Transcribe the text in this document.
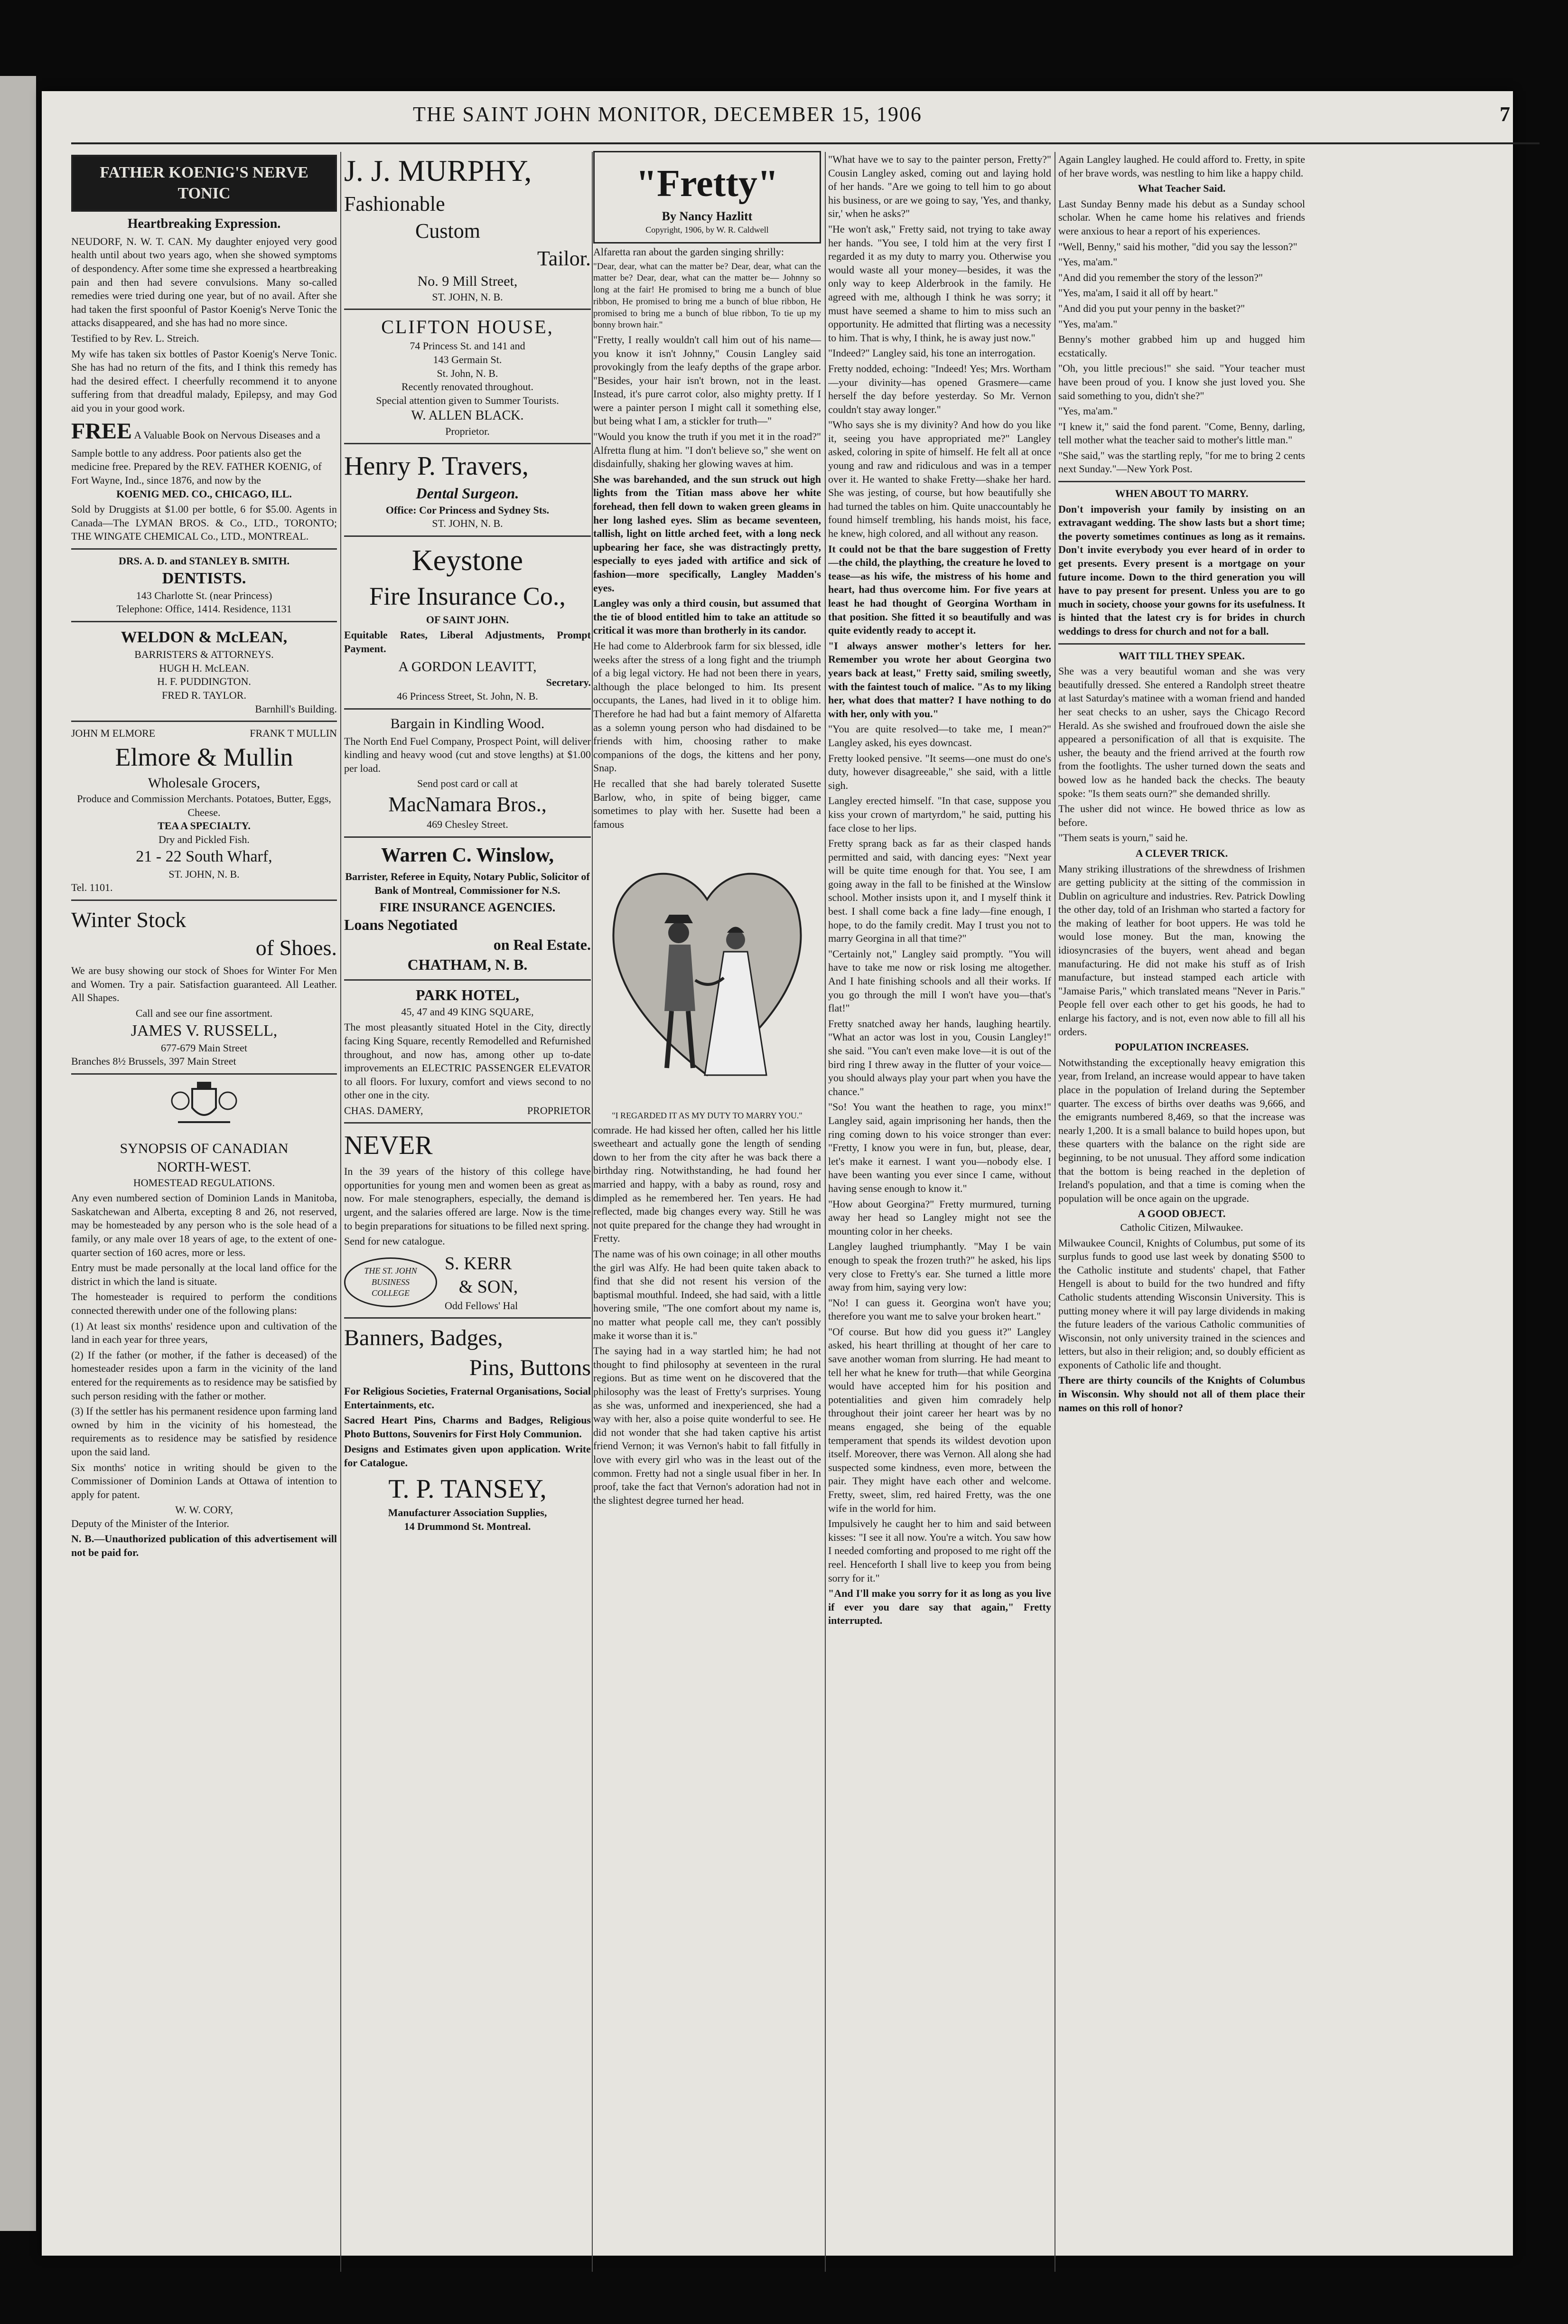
THE SAINT JOHN MONITOR, DECEMBER 15, 1906	7
FATHER KOENIG'S NERVE TONIC
Heartbreaking Expression.

NEUDORF, N. W. T. CAN. My daughter enjoyed very good health until about two years ago, when she showed symptoms of despondency. After some time she expressed a heartbreaking pain and then had severe convulsions. Many so-called remedies were tried during one year, but of no avail. After she had taken the first spoonful of Pastor Koenig's Nerve Tonic the attacks disappeared, and she has had no more since.

Testified to by Rev. L. Streich.

My wife has taken six bottles of Pastor Koenig's Nerve Tonic. She has had no return of the fits, and I think this remedy has had the desired effect. I cheerfully recommend it to anyone suffering from that dreadful malady, Epilepsy, and may God aid you in your good work.

FREE A Valuable Book on Nervous Diseases and a Sample bottle to any address. Poor patients also get the medicine free. Prepared by the REV. FATHER KOENIG, of Fort Wayne, Ind., since 1876, and now by the
KOENIG MED. CO., CHICAGO, ILL.

Sold by Druggists at $1.00 per bottle, 6 for $5.00. Agents in Canada—The LYMAN BROS. & Co., LTD., TORONTO; THE WINGATE CHEMICAL Co., LTD., MONTREAL.

DRS. A. D. and STANLEY B. SMITH.
DENTISTS.
143 Charlotte St. (near Princess)
Telephone: Office, 1414. Residence, 1131
WELDON & McLEAN,
BARRISTERS & ATTORNEYS.
HUGH H. McLEAN.
H. F. PUDDINGTON.
FRED R. TAYLOR.
Barnhill's Building.
JOHN M ELMORE	FRANK T MULLIN
Elmore & Mullin
Wholesale Grocers,
Produce and Commission Merchants. Potatoes, Butter, Eggs, Cheese.
TEA A SPECIALTY.
Dry and Pickled Fish.
21 - 22 South Wharf,
ST. JOHN, N. B.
Tel. 1101.
Winter Stock
of Shoes.

We are busy showing our stock of Shoes for Winter For Men and Women. Try a pair. Satisfaction guaranteed. All Leather. All Shapes.

Call and see our fine assortment.
JAMES V. RUSSELL,
677-679 Main Street
Branches 8½ Brussels, 397 Main Street
SYNOPSIS OF CANADIAN
NORTH-WEST.
HOMESTEAD REGULATIONS.

Any even numbered section of Dominion Lands in Manitoba, Saskatchewan and Alberta, excepting 8 and 26, not reserved, may be homesteaded by any person who is the sole head of a family, or any male over 18 years of age, to the extent of one-quarter section of 160 acres, more or less.

Entry must be made personally at the local land office for the district in which the land is situate.

The homesteader is required to perform the conditions connected therewith under one of the following plans:

(1) At least six months' residence upon and cultivation of the land in each year for three years,

(2) If the father (or mother, if the father is deceased) of the homesteader resides upon a farm in the vicinity of the land entered for the requirements as to residence may be satisfied by such person residing with the father or mother.

(3) If the settler has his permanent residence upon farming land owned by him in the vicinity of his homestead, the requirements as to residence may be satisfied by residence upon the said land.

Six months' notice in writing should be given to the Commissioner of Dominion Lands at Ottawa of intention to apply for patent.

W. W. CORY,
Deputy of the Minister of the Interior.

N. B.—Unauthorized publication of this advertisement will not be paid for.

J. J. MURPHY,
Fashionable
Custom
Tailor.
No. 9 Mill Street,
ST. JOHN, N. B.
CLIFTON HOUSE,
74 Princess St. and 141 and
143 Germain St.
St. John, N. B.
Recently renovated throughout.
Special attention given to Summer Tourists.
W. ALLEN BLACK.
Proprietor.
Henry P. Travers,
Dental Surgeon.
Office: Cor Princess and Sydney Sts.
ST. JOHN, N. B.
Keystone
Fire Insurance Co.,
OF SAINT JOHN.

Equitable Rates, Liberal Adjustments, Prompt Payment.

A GORDON LEAVITT,
Secretary.
46 Princess Street, St. John, N. B.
Bargain in Kindling Wood.

The North End Fuel Company, Prospect Point, will deliver kindling and heavy wood (cut and stove lengths) at $1.00 per load.

Send post card or call at
MacNamara Bros.,
469 Chesley Street.
Warren C. Winslow,

Barrister, Referee in Equity, Notary Public, Solicitor of Bank of Montreal, Commissioner for N.S.

FIRE INSURANCE AGENCIES.
Loans Negotiated
on Real Estate.
CHATHAM, N. B.
PARK HOTEL,
45, 47 and 49 KING SQUARE,

The most pleasantly situated Hotel in the City, directly facing King Square, recently Remodelled and Refurnished throughout, and now has, among other up to-date improvements an ELECTRIC PASSENGER ELEVATOR to all floors. For luxury, comfort and views second to no other one in the city.

CHAS. DAMERY,	PROPRIETOR
NEVER

In the 39 years of the history of this college have opportunities for young men and women been as great as now. For male stenographers, especially, the demand is urgent, and the salaries offered are large. Now is the time to begin preparations for situations to be filled next spring.

Send for new catalogue.
THE ST. JOHN BUSINESS COLLEGE
S. KERR
& SON,
Odd Fellows' Hal
Banners, Badges,
Pins, Buttons

For Religious Societies, Fraternal Organisations, Social Entertainments, etc.

Sacred Heart Pins, Charms and Badges, Religious Photo Buttons, Souvenirs for First Holy Communion.

Designs and Estimates given upon application. Write for Catalogue.

T. P. TANSEY,
Manufacturer Association Supplies,
14 Drummond St. Montreal.
"Fretty"
By Nancy Hazlitt
Copyright, 1906, by W. R. Caldwell

Alfaretta ran about the garden singing shrilly:

"Dear, dear, what can the matter be? Dear, dear, what can the matter be? Dear, dear, what can the matter be— Johnny so long at the fair! He promised to bring me a bunch of blue ribbon, He promised to bring me a bunch of blue ribbon, He promised to bring me a bunch of blue ribbon, To tie up my bonny brown hair."

"Fretty, I really wouldn't call him out of his name—you know it isn't Johnny," Cousin Langley said provokingly from the leafy depths of the grape arbor. "Besides, your hair isn't brown, not in the least. Instead, it's pure carrot color, also mighty pretty. If I were a painter person I might call it something else, but being what I am, a stickler for truth—"

"Would you know the truth if you met it in the road?" Alfretta flung at him. "I don't believe so," she went on disdainfully, shaking her glowing waves at him.

She was barehanded, and the sun struck out high lights from the Titian mass above her white forehead, then fell down to waken green gleams in her long lashed eyes. Slim as became seventeen, tallish, light on little arched feet, with a long neck upbearing her face, she was distractingly pretty, especially to eyes jaded with artifice and sick of fashion—more specifically, Langley Madden's eyes.

Langley was only a third cousin, but assumed that the tie of blood entitled him to take an attitude so critical it was more than brotherly in its candor.

He had come to Alderbrook farm for six blessed, idle weeks after the stress of a long fight and the triumph of a big legal victory. He had not been there in years, although the place belonged to him. Its present occupants, the Lanes, had lived in it to oblige him. Therefore he had had but a faint memory of Alfaretta as a solemn young person who had disdained to be friends with him, choosing rather to make companions of the dogs, the kittens and her pony, Snap.

He recalled that she had barely tolerated Susette Barlow, who, in spite of being bigger, came sometimes to play with her. Susette had been a famous

"I REGARDED IT AS MY DUTY TO MARRY YOU."

comrade. He had kissed her often, called her his little sweetheart and actually gone the length of sending down to her from the city after he was back there a birthday ring. Notwithstanding, he had found her married and happy, with a baby as round, rosy and dimpled as he remembered her. Ten years. He had reflected, made big changes every way. Still he was not quite prepared for the change they had wrought in Fretty.

The name was of his own coinage; in all other mouths the girl was Alfy. He had been quite taken aback to find that she did not resent his version of the baptismal mouthful. Indeed, she had said, with a little hovering smile, "The one comfort about my name is, no matter what people call me, they can't possibly make it worse than it is."

The saying had in a way startled him; he had not thought to find philosophy at seventeen in the rural regions. But as time went on he discovered that the philosophy was the least of Fretty's surprises. Young as she was, unformed and inexperienced, she had a way with her, also a poise quite wonderful to see. He did not wonder that she had taken captive his artist friend Vernon; it was Vernon's habit to fall fitfully in love with every girl who was in the least out of the common. Fretty had not a single usual fiber in her. In proof, take the fact that Vernon's adoration had not in the slightest degree turned her head.

"What have we to say to the painter person, Fretty?" Cousin Langley asked, coming out and laying hold of her hands. "Are we going to tell him to go about his business, or are we going to say, 'Yes, and thanky, sir,' when he asks?"

"He won't ask," Fretty said, not trying to take away her hands. "You see, I told him at the very first I regarded it as my duty to marry you. Otherwise you would waste all your money—besides, it was the only way to keep Alderbrook in the family. He agreed with me, although I think he was sorry; it must have seemed a shame to him to miss such an opportunity. He admitted that flirting was a necessity to him. That is why, I think, he is away just now."

"Indeed?" Langley said, his tone an interrogation.

Fretty nodded, echoing: "Indeed! Yes; Mrs. Wortham—your divinity—has opened Grasmere—came herself the day before yesterday. So Mr. Vernon couldn't stay away longer."

"Who says she is my divinity? And how do you like it, seeing you have appropriated me?" Langley asked, coloring in spite of himself. He felt all at once young and raw and ridiculous and was in a temper over it. He wanted to shake Fretty—shake her hard. She was jesting, of course, but how beautifully she had turned the tables on him. Quite unaccountably he found himself trembling, his hands moist, his face, he knew, high colored, and all without any reason.

It could not be that the bare suggestion of Fretty—the child, the plaything, the creature he loved to tease—as his wife, the mistress of his home and heart, had thus overcome him. For five years at least he had thought of Georgina Wortham in that position. She fitted it so beautifully and was quite evidently ready to accept it.

"I always answer mother's letters for her. Remember you wrote her about Georgina two years back at least," Fretty said, smiling sweetly, with the faintest touch of malice. "As to my liking her, what does that matter? I have nothing to do with her, only with you."

"You are quite resolved—to take me, I mean?" Langley asked, his eyes downcast.

Fretty looked pensive. "It seems—one must do one's duty, however disagreeable," she said, with a little sigh.

Langley erected himself. "In that case, suppose you kiss your crown of martyrdom," he said, putting his face close to her lips.

Fretty sprang back as far as their clasped hands permitted and said, with dancing eyes: "Next year will be quite time enough for that. You see, I am going away in the fall to be finished at the Winslow school. Mother insists upon it, and I myself think it best. I shall come back a fine lady—fine enough, I hope, to do the family credit. May I trust you not to marry Georgina in all that time?"

"Certainly not," Langley said promptly. "You will have to take me now or risk losing me altogether. And I hate finishing schools and all their works. If you go through the mill I won't have you—that's flat!"

Fretty snatched away her hands, laughing heartily. "What an actor was lost in you, Cousin Langley!" she said. "You can't even make love—it is out of the bird ring I threw away in the flutter of your voice—you should always play your part when you have the chance."

"So! You want the heathen to rage, you minx!" Langley said, again imprisoning her hands, then the ring coming down to his voice stronger than ever: "Fretty, I know you were in fun, but, please, dear, let's make it earnest. I want you—nobody else. I have been wanting you ever since I came, without having sense enough to know it."

"How about Georgina?" Fretty murmured, turning away her head so Langley might not see the mounting color in her cheeks.

Langley laughed triumphantly. "May I be vain enough to speak the frozen truth?" he asked, his lips very close to Fretty's ear. She turned a little more away from him, saying very low:

"No! I can guess it. Georgina won't have you; therefore you want me to salve your broken heart."

"Of course. But how did you guess it?" Langley asked, his heart thrilling at thought of her care to save another woman from slurring. He had meant to tell her what he knew for truth—that while Georgina would have accepted him for his position and potentialities and given him comradely help throughout their joint career her heart was by no means engaged, she being of the equable temperament that spends its wildest devotion upon itself. Moreover, there was Vernon. All along she had suspected some kindness, even more, between the pair. They might have each other and welcome. Fretty, sweet, slim, red haired Fretty, was the one wife in the world for him.

Impulsively he caught her to him and said between kisses: "I see it all now. You're a witch. You saw how I needed comforting and proposed to me right off the reel. Henceforth I shall live to keep you from being sorry for it."

"And I'll make you sorry for it as long as you live if ever you dare say that again," Fretty interrupted.

Again Langley laughed. He could afford to. Fretty, in spite of her brave words, was nestling to him like a happy child.

What Teacher Said.

Last Sunday Benny made his debut as a Sunday school scholar. When he came home his relatives and friends were anxious to hear a report of his experiences.

"Well, Benny," said his mother, "did you say the lesson?"

"Yes, ma'am."

"And did you remember the story of the lesson?"

"Yes, ma'am, I said it all off by heart."

"And did you put your penny in the basket?"

"Yes, ma'am."

Benny's mother grabbed him up and hugged him ecstatically.

"Oh, you little precious!" she said. "Your teacher must have been proud of you. I know she just loved you. She said something to you, didn't she?"

"Yes, ma'am."

"I knew it," said the fond parent. "Come, Benny, darling, tell mother what the teacher said to mother's little man."

"She said," was the startling reply, "for me to bring 2 cents next Sunday."—New York Post.

WHEN ABOUT TO MARRY.

Don't impoverish your family by insisting on an extravagant wedding. The show lasts but a short time; the poverty sometimes continues as long as it remains. Don't invite everybody you ever heard of in order to get presents. Every present is a mortgage on your future income. Down to the third generation you will have to pay present for present. Unless you are to go much in society, choose your gowns for its usefulness. It is hinted that the latest cry is for brides in church weddings to dress for church and not for a ball.

WAIT TILL THEY SPEAK.

She was a very beautiful woman and she was very beautifully dressed. She entered a Randolph street theatre at last Saturday's matinee with a woman friend and handed her seat checks to an usher, says the Chicago Record Herald. As she swished and froufroued down the aisle she appeared a personification of all that is exquisite. The usher, the beauty and the friend arrived at the fourth row from the footlights. The usher turned down the seats and bowed low as he handed back the checks. The beauty spoke: "Is them seats ourn?" she demanded shrilly.

The usher did not wince. He bowed thrice as low as before.

"Them seats is yourn," said he.

A CLEVER TRICK.

Many striking illustrations of the shrewdness of Irishmen are getting publicity at the sitting of the commission in Dublin on agriculture and industries. Rev. Patrick Dowling the other day, told of an Irishman who started a factory for the making of leather for boot uppers. He was told he would lose money. But the man, knowing the idiosyncrasies of the buyers, went ahead and began manufacturing. He did not make his stuff as of Irish manufacture, but instead stamped each article with "Jamaise Paris," which translated means "Never in Paris." People fell over each other to get his goods, he had to enlarge his factory, and is not, even now able to fill all his orders.

POPULATION INCREASES.

Notwithstanding the exceptionally heavy emigration this year, from Ireland, an increase would appear to have taken place in the population of Ireland during the September quarter. The excess of births over deaths was 9,666, and the emigrants numbered 8,469, so that the increase was nearly 1,200. It is a small balance to build hopes upon, but these quarters with the balance on the right side are beginning, to be not unusual. They afford some indication that the bottom is being reached in the depletion of Ireland's population, and that a time is coming when the population will be once again on the upgrade.

A GOOD OBJECT.
Catholic Citizen, Milwaukee.

Milwaukee Council, Knights of Columbus, put some of its surplus funds to good use last week by donating $500 to the Catholic institute and students' chapel, that Father Hengell is about to build for the two hundred and fifty Catholic students attending Wisconsin University. This is putting money where it will pay large dividends in making the future leaders of the various Catholic communities of Wisconsin, not only university trained in the sciences and letters, but also in their religion; and, so doubly efficient as exponents of Catholic life and thought.

There are thirty councils of the Knights of Columbus in Wisconsin. Why should not all of them place their names on this roll of honor?
